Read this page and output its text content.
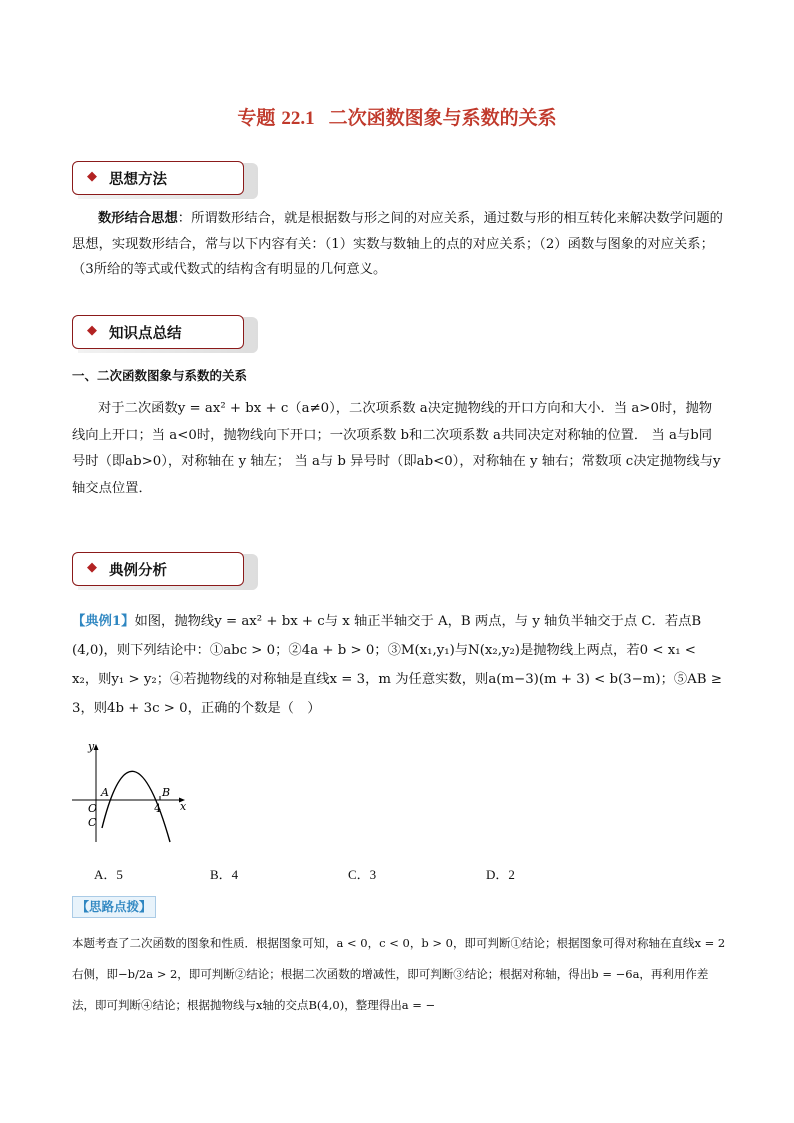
专题 22.1 二次函数图象与系数的关系
◆ 思想方法
数形结合思想：所谓数形结合，就是根据数与形之间的对应关系，通过数与形的相互转化来解决数学问题的思想，实现数形结合，常与以下内容有关：（1）实数与数轴上的点的对应关系；（2）函数与图象的对应关系；（3所给的等式或代数式的结构含有明显的几何意义。
◆ 知识点总结
一、二次函数图象与系数的关系
对于二次函数y = ax² + bx + c（a≠0），二次项系数 a决定抛物线的开口方向和大小．当 a>0时，抛物线向上开口；当 a<0时，抛物线向下开口；一次项系数 b和二次项系数 a共同决定对称轴的位置． 当 a与b同号时（即ab>0），对称轴在 y 轴左； 当 a与 b 异号时（即ab<0），对称轴在 y 轴右；常数项 c决定抛物线与y 轴交点位置．
◆ 典例分析
【典例1】如图，抛物线y = ax² + bx + c与 x 轴正半轴交于 A，B 两点，与 y 轴负半轴交于点 C．若点B (4,0)，则下列结论中：①abc > 0；②4a + b > 0；③M(x₁,y₁)与N(x₂,y₂)是抛物线上两点，若0 < x₁ < x₂，则y₁ > y₂；④若抛物线的对称轴是直线x = 3，m 为任意实数，则a(m−3)(m + 3) < b(3−m)；⑤AB ≥ 3，则4b + 3c > 0，正确的个数是（　）
y
x
O
A	B
C
4
A．5	B．4	C．3	D．2
【思路点拨】
本题考查了二次函数的图象和性质．根据图象可知，a < 0，c < 0，b > 0，即可判断①结论；根据图象可得对称轴在直线x = 2右侧，即−b/2a > 2，即可判断②结论；根据二次函数的增减性，即可判断③结论；根据对称轴，得出b = −6a，再利用作差法，即可判断④结论；根据抛物线与x轴的交点B(4,0)，整理得出a = −
